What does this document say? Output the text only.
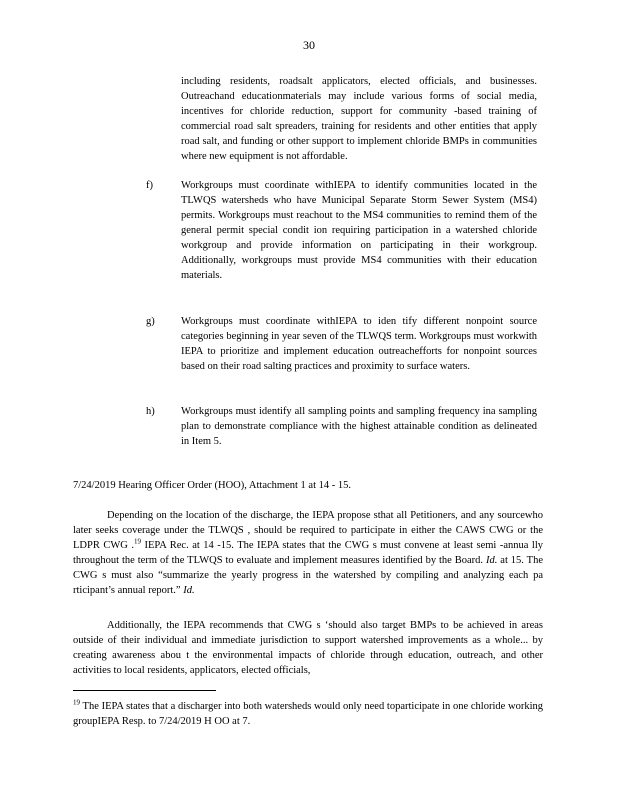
30
including residents, roadsalt applicators, elected officials, and businesses. Outreachand educationmaterials may include various forms of social media, incentives for chloride reduction, support for community -based training of commercial road salt spreaders, training for residents and other entities that apply road salt, and funding or other support to implement chloride BMPs in communities where new equipment is not affordable.
f)	Workgroups must coordinate withIEPA to identify communities located in the TLWQS watersheds who have Municipal Separate Storm Sewer System (MS4) permits. Workgroups must reachout to the MS4 communities to remind them of the general permit special condit ion requiring participation in a watershed chloride workgroup and provide information on participating in their workgroup. Additionally, workgroups must provide MS4 communities with their education materials.
g)	Workgroups must coordinate withIEPA to iden tify different nonpoint source categories beginning in year seven of the TLWQS term. Workgroups must workwith IEPA to prioritize and implement education outreachefforts for nonpoint sources based on their road salting practices and proximity to surface waters.
h)	Workgroups must identify all sampling points and sampling frequency ina sampling plan to demonstrate compliance with the highest attainable condition as delineated in Item 5.
7/24/2019 Hearing Officer Order (HOO), Attachment 1 at 14 - 15.
Depending on the location of the discharge, the IEPA propose sthat all Petitioners, and any sourcewho later seeks coverage under the TLWQS , should be required to participate in either the CAWS CWG or the LDPR CWG .$^{19}$ IEPA Rec. at 14 -15. The IEPA states that the CWG s must convene at least semi -annua lly throughout the term of the TLWQS to evaluate and implement measures identified by the Board. Id. at 15. The CWG s must also “summarize the yearly progress in the watershed by compiling and analyzing each pa rticipant’s annual report.” Id.
Additionally, the IEPA recommends that CWG s ‘should also target BMPs to be achieved in areas outside of their individual and immediate jurisdiction to support watershed improvements as a whole... by creating awareness abou t the environmental impacts of chloride through education, outreach, and other activities to local residents, applicators, elected officials,
$^{19}$ The IEPA states that a discharger into both watersheds would only need toparticipate in one chloride working groupIEPA Resp. to 7/24/2019 H OO at 7.
